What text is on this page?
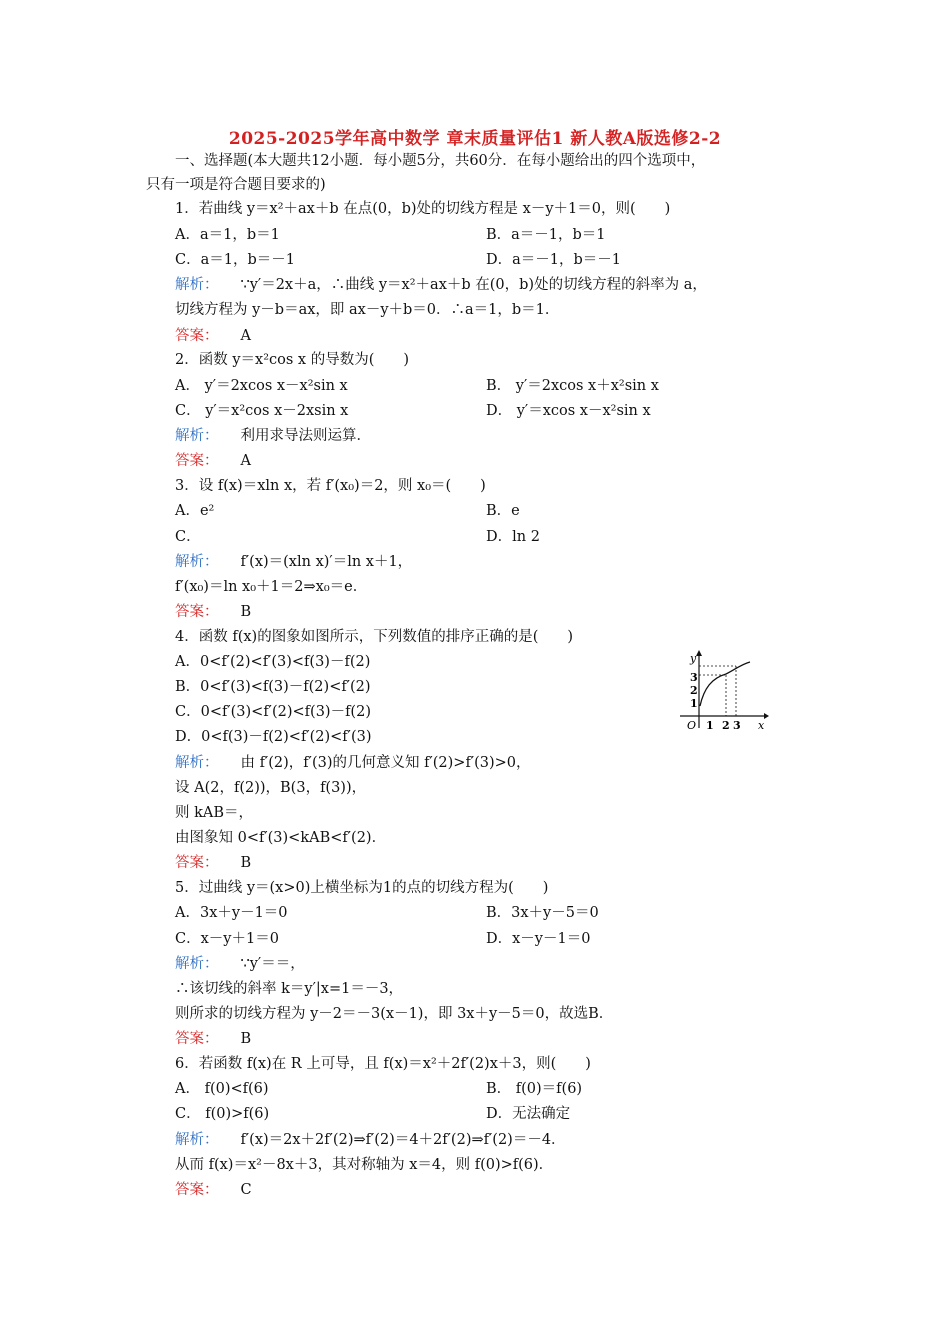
2025-2025学年高中数学 章末质量评估1 新人教A版选修2-2
一、选择题(本大题共12小题．每小题5分，共60分．在每小题给出的四个选项中，
只有一项是符合题目要求的)
1．若曲线 y＝x²＋ax＋b 在点(0，b)处的切线方程是 x－y＋1＝0，则(　　)
A．a＝1，b＝1	B．a＝－1，b＝1
C．a＝1，b＝－1	D．a＝－1，b＝－1
解析： ∵y′＝2x＋a，∴曲线 y＝x²＋ax＋b 在(0，b)处的切线方程的斜率为 a，
切线方程为 y－b＝ax，即 ax－y＋b＝0．∴a＝1，b＝1．
答案： A
2．函数 y＝x²cos x 的导数为(　　)
A． y′＝2xcos x－x²sin x	B． y′＝2xcos x＋x²sin x
C． y′＝x²cos x－2xsin x	D． y′＝xcos x－x²sin x
解析： 利用求导法则运算．
答案： A
3．设 f(x)＝xln x，若 f′(x₀)＝2，则 x₀＝(　　)
A．e²	B．e
C．	D．ln 2
解析： f′(x)＝(xln x)′＝ln x＋1，
f′(x₀)＝ln x₀＋1＝2⇒x₀＝e．
答案： B
4．函数 f(x)的图象如图所示，下列数值的排序正确的是(　　)
A．0<f′(2)<f′(3)<f(3)－f(2)
B．0<f′(3)<f(3)－f(2)<f′(2)
C．0<f′(3)<f′(2)<f(3)－f(2)
D．0<f(3)－f(2)<f′(2)<f′(3)
y
x
O 1 2 3
3
2
1
解析： 由 f′(2)，f′(3)的几何意义知 f′(2)>f′(3)>0，
设 A(2，f(2))，B(3，f(3))，
则 kAB＝，
由图象知 0<f′(3)<kAB<f′(2)．
答案： B
5．过曲线 y＝(x>0)上横坐标为1的点的切线方程为(　　)
A．3x＋y－1＝0	B．3x＋y－5＝0
C．x－y＋1＝0	D．x－y－1＝0
解析： ∵y′＝＝，
∴该切线的斜率 k＝y′|x=1＝－3，
则所求的切线方程为 y－2＝－3(x－1)，即 3x＋y－5＝0，故选B．
答案： B
6．若函数 f(x)在 R 上可导，且 f(x)＝x²＋2f′(2)x＋3，则(　　)
A． f(0)<f(6)	B． f(0)＝f(6)
C． f(0)>f(6)	D．无法确定
解析： f′(x)＝2x＋2f′(2)⇒f′(2)＝4＋2f′(2)⇒f′(2)＝－4．
从而 f(x)＝x²－8x＋3，其对称轴为 x＝4，则 f(0)>f(6)．
答案： C
